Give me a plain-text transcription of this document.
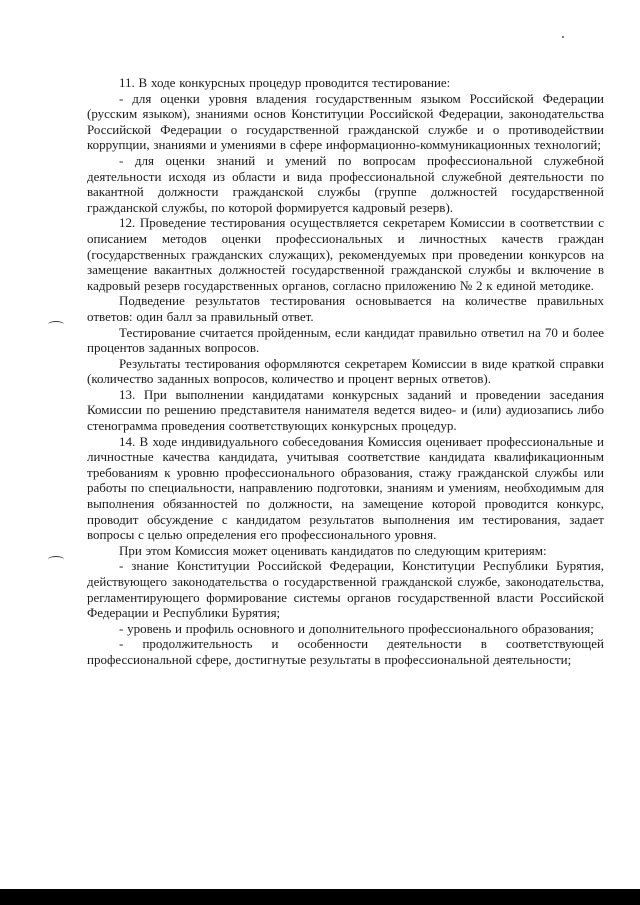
11. В ходе конкурсных процедур проводится тестирование:

- для оценки уровня владения государственным языком Российской Федерации (русским языком), знаниями основ Конституции Российской Федерации, законодательства Российской Федерации о государственной гражданской службе и о противодействии коррупции, знаниями и умениями в сфере информационно-коммуникационных технологий;

- для оценки знаний и умений по вопросам профессиональной служебной деятельности исходя из области и вида профессиональной служебной деятельности по вакантной должности гражданской службы (группе должностей государственной гражданской службы, по которой формируется кадровый резерв).

12. Проведение тестирования осуществляется секретарем Комиссии в соответствии с описанием методов оценки профессиональных и личностных качеств граждан (государственных гражданских служащих), рекомендуемых при проведении конкурсов на замещение вакантных должностей государственной гражданской службы и включение в кадровый резерв государственных органов, согласно приложению № 2 к единой методике.

Подведение результатов тестирования основывается на количестве правильных ответов: один балл за правильный ответ.

Тестирование считается пройденным, если кандидат правильно ответил на 70 и более процентов заданных вопросов.

Результаты тестирования оформляются секретарем Комисcии в виде краткой справки (количество заданных вопросов, количество и процент верных ответов).

13. При выполнении кандидатами конкурсных заданий и проведении заседания Комиссии по решению представителя нанимателя ведется видео- и (или) аудиозапись либо стенограмма проведения соответствующих конкурсных процедур.

14. В ходе индивидуального собеседования Комиссия оценивает профессиональные и личностные качества кандидата, учитывая соответствие кандидата квалификационным требованиям к уровню профессионального образования, стажу гражданской службы или работы по специальности, направлению подготовки, знаниям и умениям, необходимым для выполнения обязанностей по должности, на замещение которой проводится конкурс, проводит обсуждение с кандидатом результатов выполнения им тестирования, задает вопросы с целью определения его профессионального уровня.

При этом Комиссия может оценивать кандидатов по следующим критериям:

- знание Конституции Российской Федерации, Конституции Республики Бурятия, действующего законодательства о государственной гражданской службе, законодательства, регламентирующего формирование системы органов государственной власти Российской Федерации и Республики Бурятия;

- уровень и профиль основного и дополнительного профессионального образования;

- продолжительность и особенности деятельности в соответствующей профессиональной сфере, достигнутые результаты в профессиональной деятельности;
